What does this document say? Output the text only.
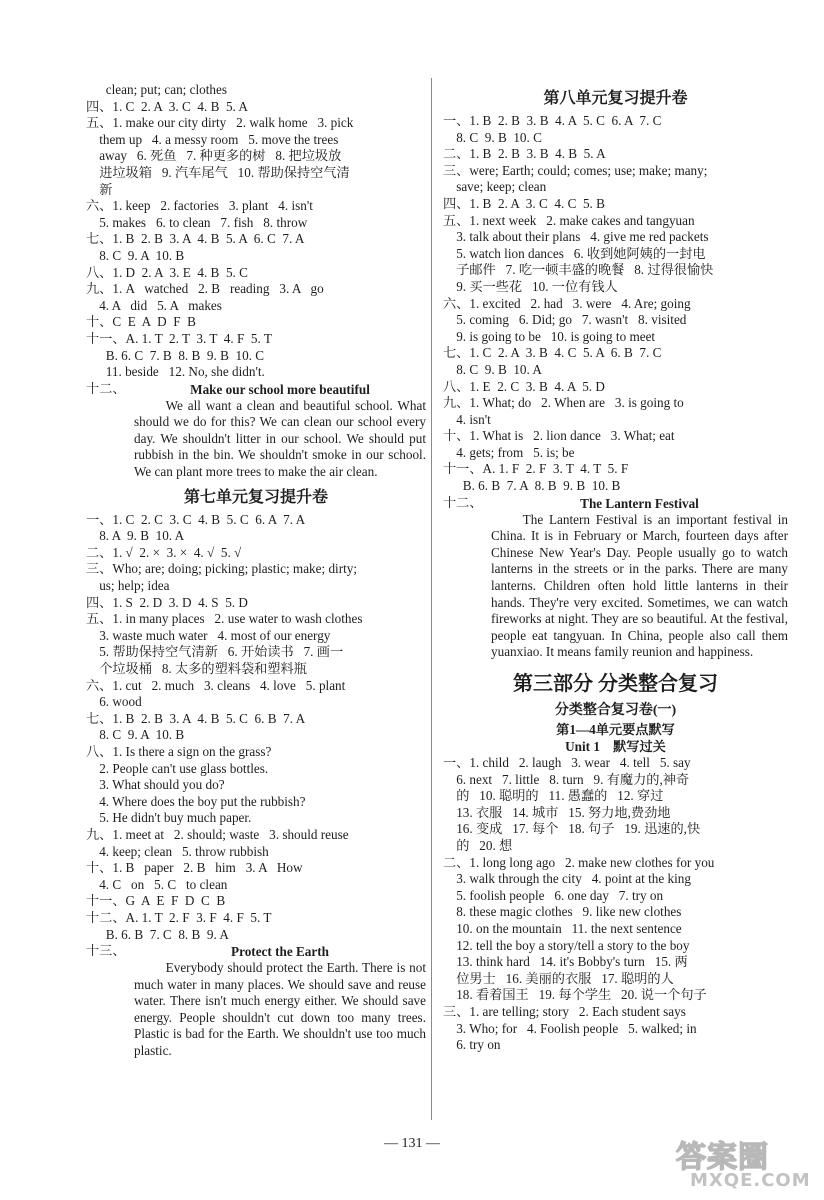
clean; put; can; clothes
四、1. C  2. A  3. C  4. B  5. A
五、1. make our city dirty   2. walk home   3. pick
them up   4. a messy room   5. move the trees
away   6. 死鱼   7. 种更多的树   8. 把垃圾放
进垃圾箱   9. 汽车尾气   10. 帮助保持空气清
新
六、1. keep   2. factories   3. plant   4. isn't
5. makes   6. to clean   7. fish   8. throw
七、1. B  2. B  3. A  4. B  5. A  6. C  7. A
8. C  9. A  10. B
八、1. D  2. A  3. E  4. B  5. C
九、1. A   watched   2. B   reading   3. A   go
4. A   did   5. A   makes
十、C  E  A  D  F  B
十一、A. 1. T  2. T  3. T  4. F  5. T
B. 6. C  7. B  8. B  9. B  10. C
11. beside   12. No, she didn't.
十二、	Make our school more beautiful
We all want a clean and beautiful school. What should we do for this? We can clean our school every day. We shouldn't litter in our school. We should put rubbish in the bin. We shouldn't smoke in our school. We can plant more trees to make the air clean.
第七单元复习提升卷
一、1. C  2. C  3. C  4. B  5. C  6. A  7. A
8. A  9. B  10. A
二、1. √  2. ×  3. ×  4. √  5. √
三、Who; are; doing; picking; plastic; make; dirty;
us; help; idea
四、1. S  2. D  3. D  4. S  5. D
五、1. in many places   2. use water to wash clothes
3. waste much water   4. most of our energy
5. 帮助保持空气清新   6. 开始读书   7. 画一
个垃圾桶   8. 太多的塑料袋和塑料瓶
六、1. cut   2. much   3. cleans   4. love   5. plant
6. wood
七、1. B  2. B  3. A  4. B  5. C  6. B  7. A
8. C  9. A  10. B
八、1. Is there a sign on the grass?
2. People can't use glass bottles.
3. What should you do?
4. Where does the boy put the rubbish?
5. He didn't buy much paper.
九、1. meet at   2. should; waste   3. should reuse
4. keep; clean   5. throw rubbish
十、1. B   paper   2. B   him   3. A   How
4. C   on   5. C   to clean
十一、G  A  E  F  D  C  B
十二、A. 1. T  2. F  3. F  4. F  5. T
B. 6. B  7. C  8. B  9. A
十三、	Protect the Earth
Everybody should protect the Earth. There is not much water in many places. We should save and reuse water. There isn't much energy either. We should save energy. People shouldn't cut down too many trees. Plastic is bad for the Earth. We shouldn't use too much plastic.
第八单元复习提升卷
一、1. B  2. B  3. B  4. A  5. C  6. A  7. C
8. C  9. B  10. C
二、1. B  2. B  3. B  4. B  5. A
三、were; Earth; could; comes; use; make; many;
save; keep; clean
四、1. B  2. A  3. C  4. C  5. B
五、1. next week   2. make cakes and tangyuan
3. talk about their plans   4. give me red packets
5. watch lion dances   6. 收到她阿姨的一封电
子邮件   7. 吃一顿丰盛的晚餐   8. 过得很愉快
9. 买一些花   10. 一位有钱人
六、1. excited   2. had   3. were   4. Are; going
5. coming   6. Did; go   7. wasn't   8. visited
9. is going to be   10. is going to meet
七、1. C  2. A  3. B  4. C  5. A  6. B  7. C
8. C  9. B  10. A
八、1. E  2. C  3. B  4. A  5. D
九、1. What; do   2. When are   3. is going to
4. isn't
十、1. What is   2. lion dance   3. What; eat
4. gets; from   5. is; be
十一、A. 1. F  2. F  3. T  4. T  5. F
B. 6. B  7. A  8. B  9. B  10. B
十二、	The Lantern Festival
The Lantern Festival is an important festival in China. It is in February or March, fourteen days after Chinese New Year's Day. People usually go to watch lanterns in the streets or in the parks. There are many lanterns. Children often hold little lanterns in their hands. They're very excited. Sometimes, we can watch fireworks at night. They are so beautiful. At the festival, people eat tangyuan. In China, people also call them yuanxiao. It means family reunion and happiness.
第三部分 分类整合复习
分类整合复习卷(一)
第1—4单元要点默写
Unit 1    默写过关
一、1. child   2. laugh   3. wear   4. tell   5. say
6. next   7. little   8. turn   9. 有魔力的,神奇
的   10. 聪明的   11. 愚蠢的   12. 穿过
13. 衣服   14. 城市   15. 努力地,费劲地
16. 变成   17. 每个   18. 句子   19. 迅速的,快
的   20. 想
二、1. long long ago   2. make new clothes for you
3. walk through the city   4. point at the king
5. foolish people   6. one day   7. try on
8. these magic clothes   9. like new clothes
10. on the mountain   11. the next sentence
12. tell the boy a story/tell a story to the boy
13. think hard   14. it's Bobby's turn   15. 两
位男士   16. 美丽的衣服   17. 聪明的人
18. 看着国王   19. 每个学生   20. 说一个句子
三、1. are telling; story   2. Each student says
3. Who; for   4. Foolish people   5. walked; in
6. try on
— 131 —	答案圈
MXQE.COM
